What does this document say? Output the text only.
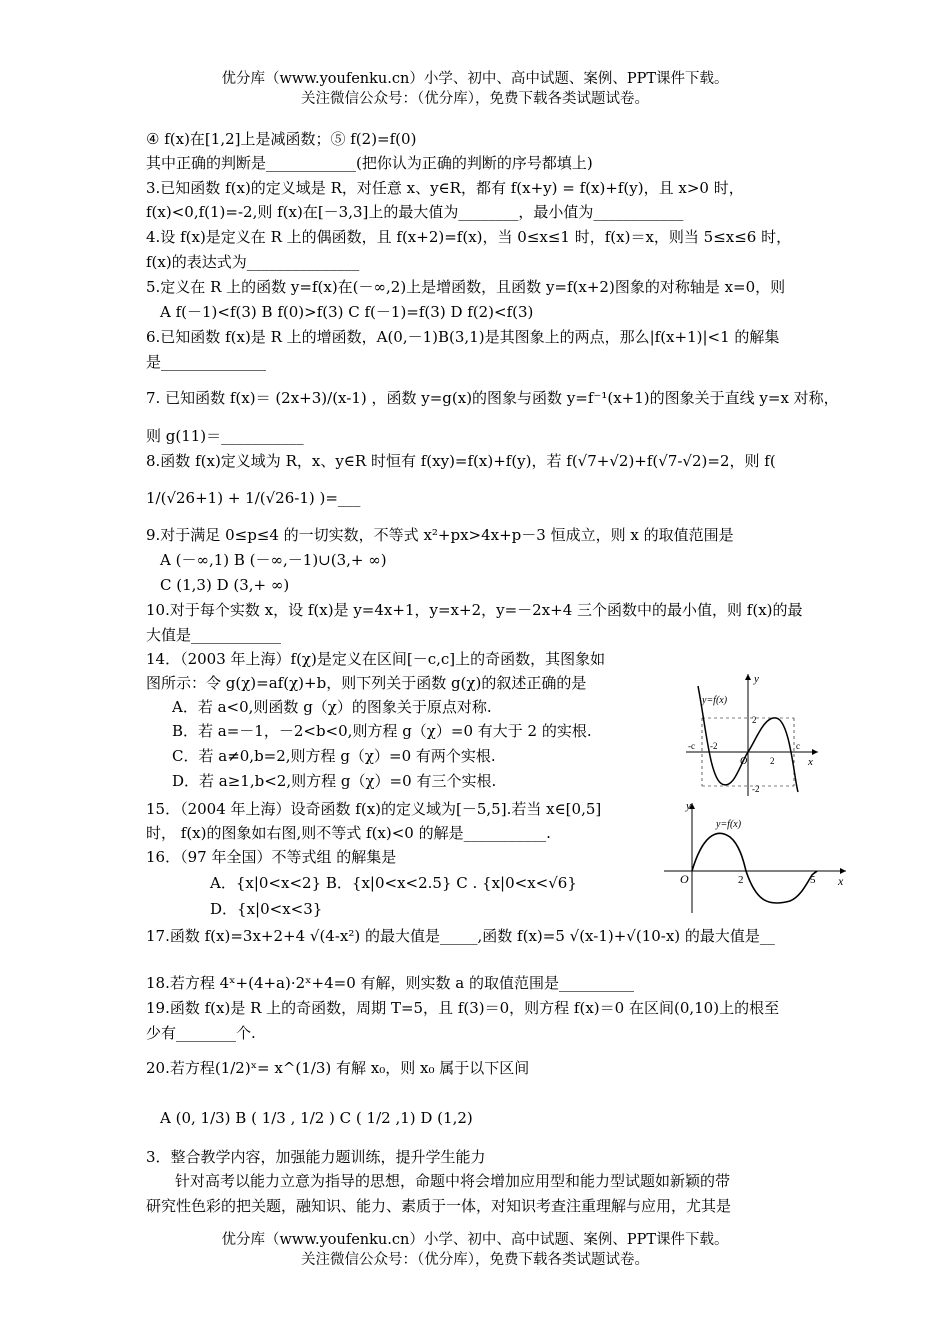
优分库（www.youfenku.cn）小学、初中、高中试题、案例、PPT课件下载。
关注微信公众号：（优分库），免费下载各类试题试卷。
④ f(x)在[1,2]上是减函数；⑤ f(2)=f(0)
其中正确的判断是____________(把你认为正确的判断的序号都填上)
3.已知函数 f(x)的定义域是 R，对任意 x、y∈R，都有 f(x+y) = f(x)+f(y)，且 x>0 时，
f(x)<0,f(1)=-2,则 f(x)在[－3,3]上的最大值为________，最小值为____________
4.设 f(x)是定义在 R 上的偶函数，且 f(x+2)=f(x)，当 0≤x≤1 时，f(x)＝x，则当 5≤x≤6 时，
f(x)的表达式为_______________
5.定义在 R 上的函数 y=f(x)在(－∞,2)上是增函数，且函数 y=f(x+2)图象的对称轴是 x=0，则
A f(－1)<f(3) B f(0)>f(3) C f(－1)=f(3) D f(2)<f(3)
6.已知函数 f(x)是 R 上的增函数，A(0,－1)B(3,1)是其图象上的两点，那么|f(x+1)|<1 的解集
是______________
7. 已知函数 f(x)＝ (2x+3)/(x-1) ，函数 y=g(x)的图象与函数 y=f⁻¹(x+1)的图象关于直线 y=x 对称，
则 g(11)＝___________
8.函数 f(x)定义域为 R，x、y∈R 时恒有 f(xy)=f(x)+f(y)，若 f(√7+√2)+f(√7-√2)=2，则 f(
1/(√26+1) + 1/(√26-1) )=___
9.对于满足 0≤p≤4 的一切实数，不等式 x²+px>4x+p－3 恒成立，则 x 的取值范围是
A (－∞,1) B (－∞,－1)∪(3,+ ∞)
C (1,3) D (3,+ ∞)
10.对于每个实数 x，设 f(x)是 y=4x+1，y=x+2，y=－2x+4 三个函数中的最小值，则 f(x)的最
大值是____________
14．（2003 年上海）f(χ)是定义在区间[－c,c]上的奇函数，其图象如
图所示：令 g(χ)=af(χ)+b，则下列关于函数 g(χ)的叙述正确的是
A．若 a<0,则函数 g（χ）的图象关于原点对称.
B．若 a=－1，－2<b<0,则方程 g（χ）=0 有大于 2 的实根.
C．若 a≠0,b=2,则方程 g（χ）=0 有两个实根.
D．若 a≥1,b<2,则方程 g（χ）=0 有三个实根.
15．（2004 年上海）设奇函数 f(x)的定义域为[－5,5].若当 x∈[0,5]
时， f(x)的图象如右图,则不等式 f(x)<0 的解是___________.
16．（97 年全国）不等式组 的解集是
A．{x|0<x<2} B．{x|0<x<2.5} C . {x|0<x<√6}
D．{x|0<x<3}
17.函数 f(x)=3x+2+4 √(4-x²) 的最大值是_____,函数 f(x)=5 √(x-1)+√(10-x) 的最大值是__
18.若方程 4ˣ+(4+a)·2ˣ+4=0 有解，则实数 a 的取值范围是__________
19.函数 f(x)是 R 上的奇函数，周期 T=5，且 f(3)＝0，则方程 f(x)＝0 在区间(0,10)上的根至
少有________个.
20.若方程(1/2)ˣ= x^(1/3) 有解 x₀，则 x₀ 属于以下区间
A (0, 1/3) B ( 1/3 , 1/2 ) C ( 1/2 ,1) D (1,2)
3．整合教学内容，加强能力题训练，提升学生能力
针对高考以能力立意为指导的思想，命题中将会增加应用型和能力型试题如新颖的带
研究性色彩的把关题，融知识、能力、素质于一体，对知识考查注重理解与应用，尤其是
y=f(x)
y
x
-c -2
O	2
c
2
-2
y=f(x)
y
x
O	2	5
优分库（www.youfenku.cn）小学、初中、高中试题、案例、PPT课件下载。
关注微信公众号：（优分库），免费下载各类试题试卷。
